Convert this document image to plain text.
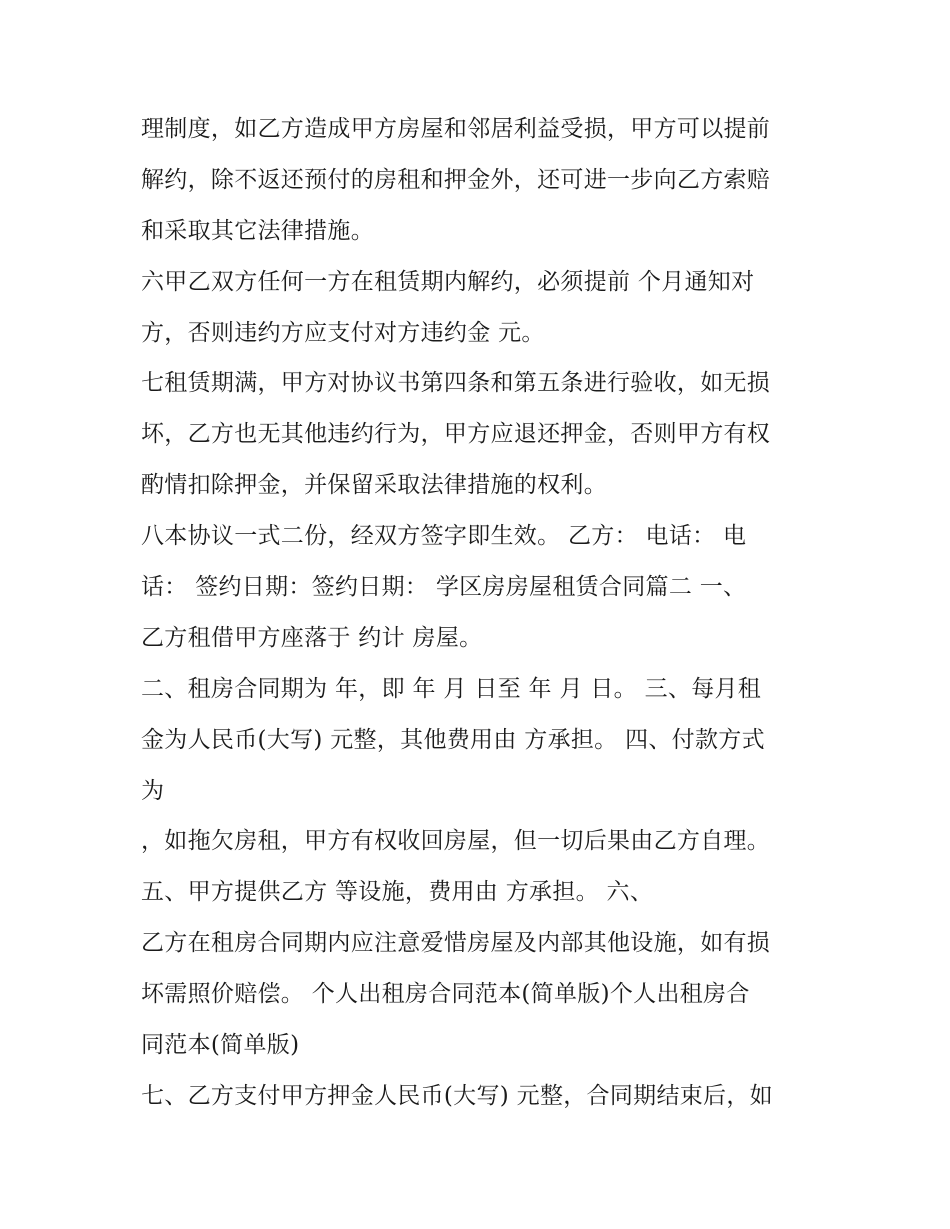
理制度，如乙方造成甲方房屋和邻居利益受损，甲方可以提前
解约，除不返还预付的房租和押金外，还可进一步向乙方索赔
和采取其它法律措施。
六甲乙双方任何一方在租赁期内解约，必须提前 个月通知对
方，否则违约方应支付对方违约金 元。
七租赁期满，甲方对协议书第四条和第五条进行验收，如无损
坏，乙方也无其他违约行为，甲方应退还押金，否则甲方有权
酌情扣除押金，并保留采取法律措施的权利。
八本协议一式二份，经双方签字即生效。 乙方： 电话： 电
话： 签约日期：签约日期： 学区房房屋租赁合同篇二 一、
乙方租借甲方座落于 约计 房屋。
二、租房合同期为 年，即 年 月 日至 年 月 日。 三、每月租
金为人民币(大写) 元整，其他费用由 方承担。 四、付款方式
为
，如拖欠房租，甲方有权收回房屋，但一切后果由乙方自理。
五、甲方提供乙方 等设施，费用由 方承担。 六、
乙方在租房合同期内应注意爱惜房屋及内部其他设施，如有损
坏需照价赔偿。 个人出租房合同范本(简单版)个人出租房合
同范本(简单版)
七、乙方支付甲方押金人民币(大写) 元整，合同期结束后，如
